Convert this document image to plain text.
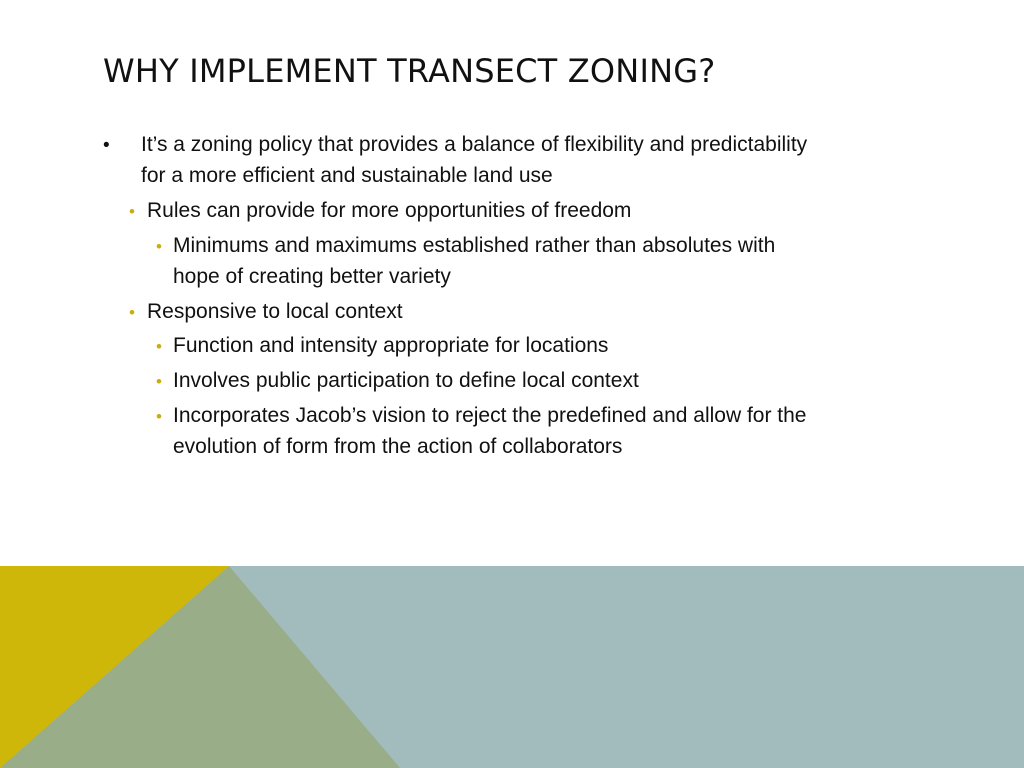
WHY IMPLEMENT TRANSECT ZONING?
• It’s a zoning policy that provides a balance of flexibility and predictability

for a more efficient and sustainable land use

• Rules can provide for more opportunities of freedom

• Minimums and maximums established rather than absolutes with

hope of creating better variety

• Responsive to local context

• Function and intensity appropriate for locations

• Involves public participation to define local context

• Incorporates Jacob’s vision to reject the predefined and allow for the

evolution of form from the action of collaborators
